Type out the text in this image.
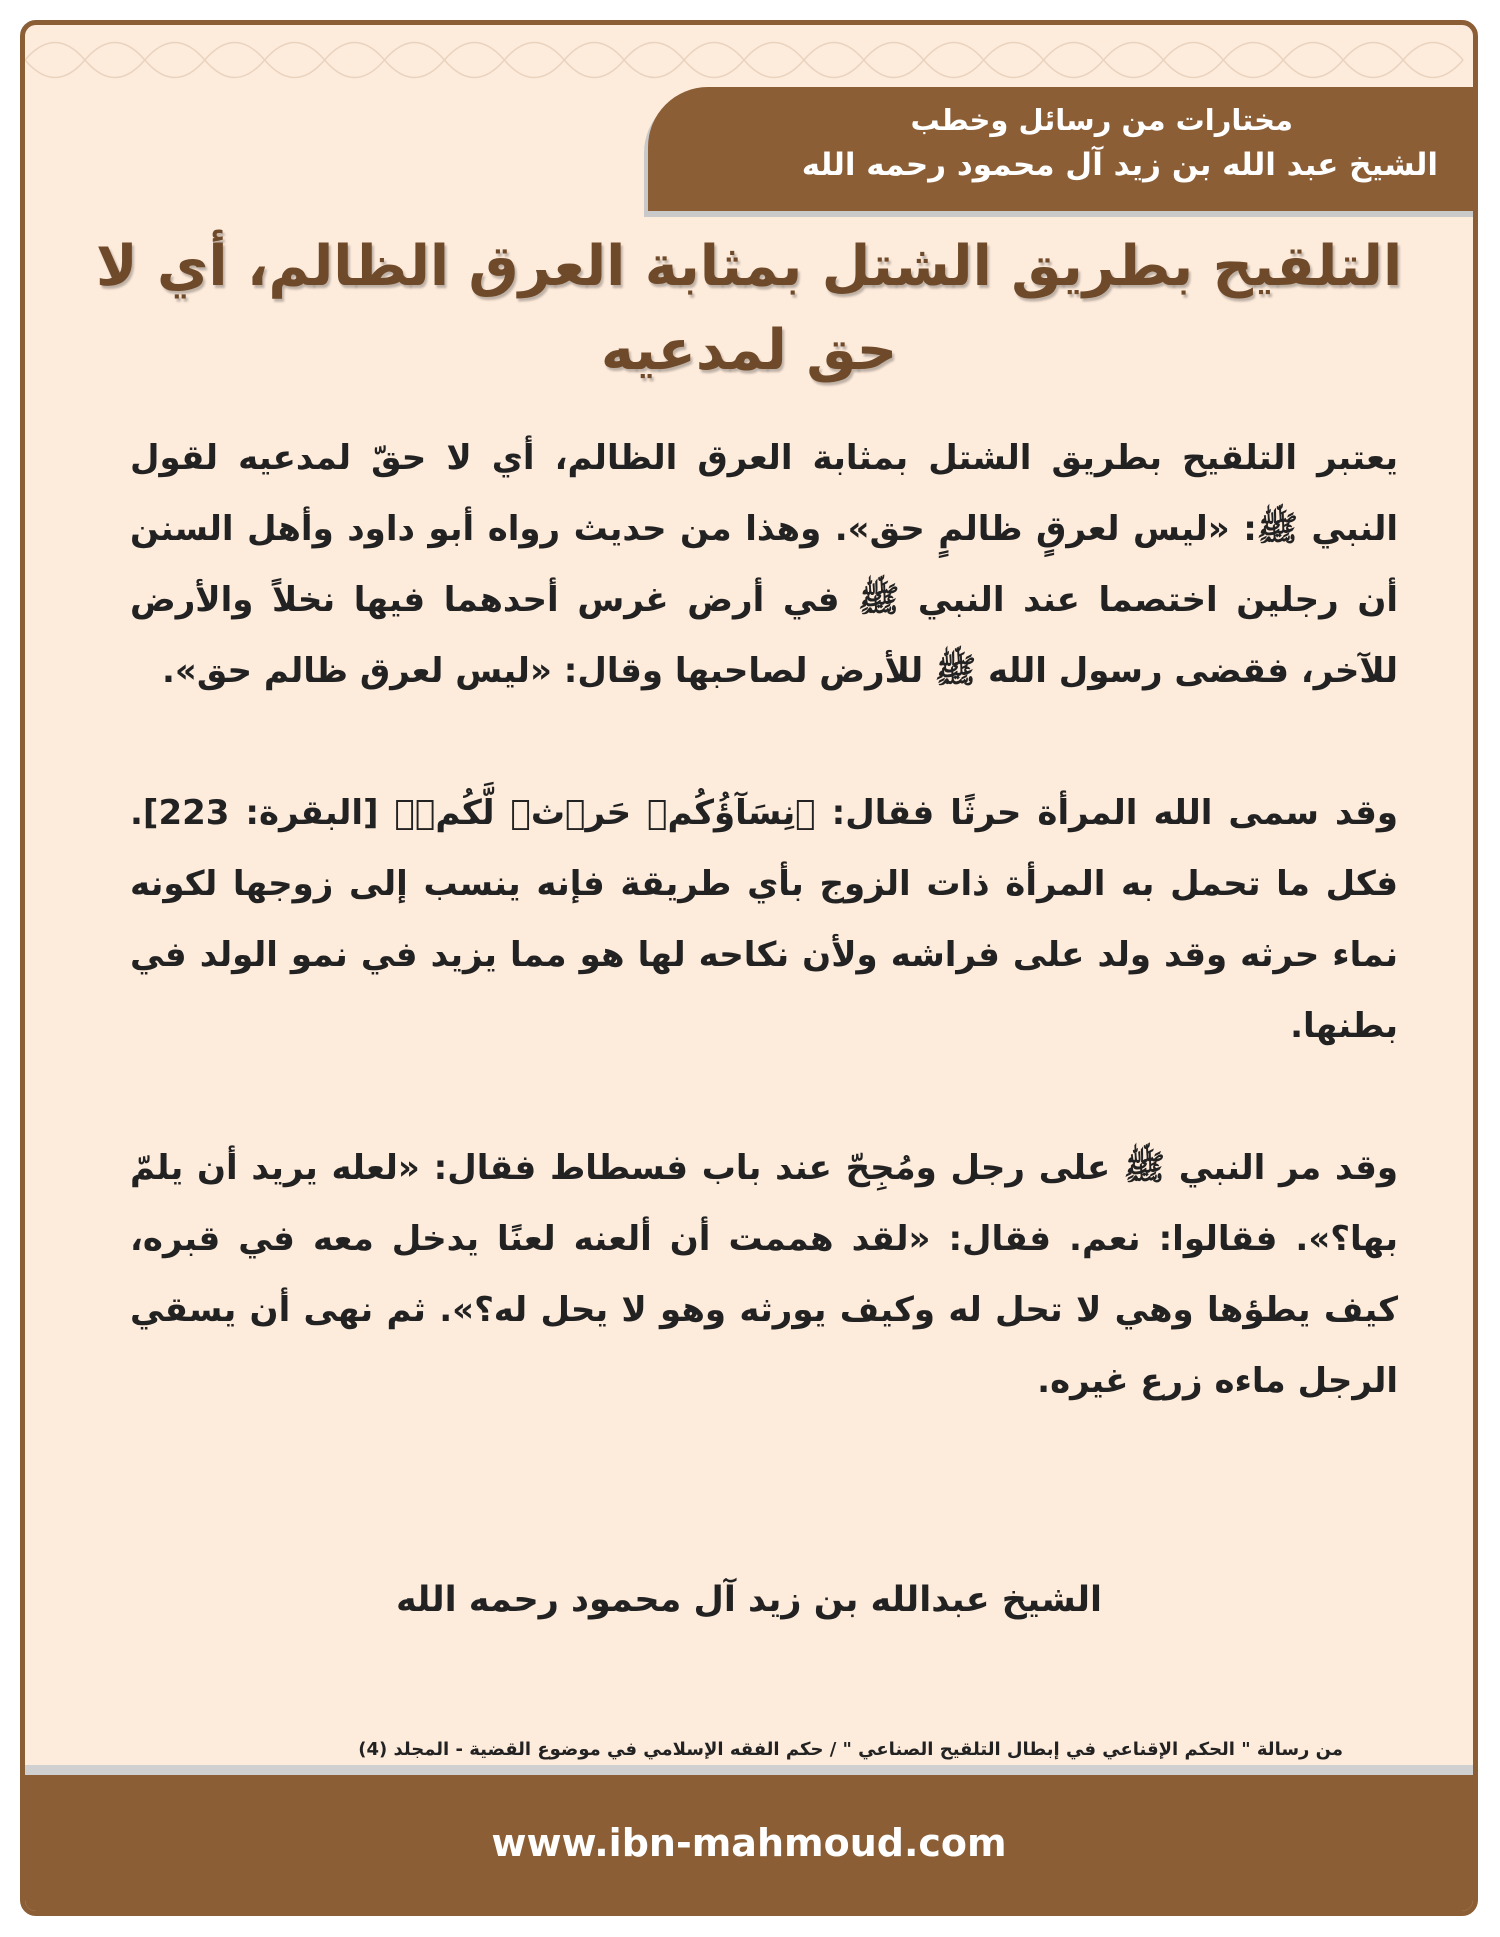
مختارات من رسائل وخطب
الشيخ عبد الله بن زيد آل محمود رحمه الله
التلقيح بطريق الشتل بمثابة العرق الظالم، أي لا حق لمدعيه

يعتبر التلقيح بطريق الشتل بمثابة العرق الظالم، أي لا حقّ لمدعيه لقول النبي ﷺ: «ليس لعرقٍ ظالمٍ حق». وهذا من حديث رواه أبو داود وأهل السنن أن رجلين اختصما عند النبي ﷺ في أرض غرس أحدهما فيها نخلاً والأرض للآخر، فقضى رسول الله ﷺ للأرض لصاحبها وقال: «ليس لعرق ظالم حق».

وقد سمى الله المرأة حرثًا فقال: ﴿نِسَآؤُكُمۡ حَرۡثٞ لَّكُمۡ﴾ [البقرة: 223]. فكل ما تحمل به المرأة ذات الزوج بأي طريقة فإنه ينسب إلى زوجها لكونه نماء حرثه وقد ولد على فراشه ولأن نكاحه لها هو مما يزيد في نمو الولد في بطنها.

وقد مر النبي ﷺ على رجل ومُجِحّ عند باب فسطاط فقال: «لعله يريد أن يلمّ بها؟». فقالوا: نعم. فقال: «لقد هممت أن ألعنه لعنًا يدخل معه في قبره، كيف يطؤها وهي لا تحل له وكيف يورثه وهو لا يحل له؟». ثم نهى أن يسقي الرجل ماءه زرع غيره.

الشيخ عبدالله بن زيد آل محمود رحمه الله
من رسالة " الحكم الإقناعي في إبطال التلقيح الصناعي " / حكم الفقه الإسلامي في موضوع القضية - المجلد (4)
www.ibn-mahmoud.com
